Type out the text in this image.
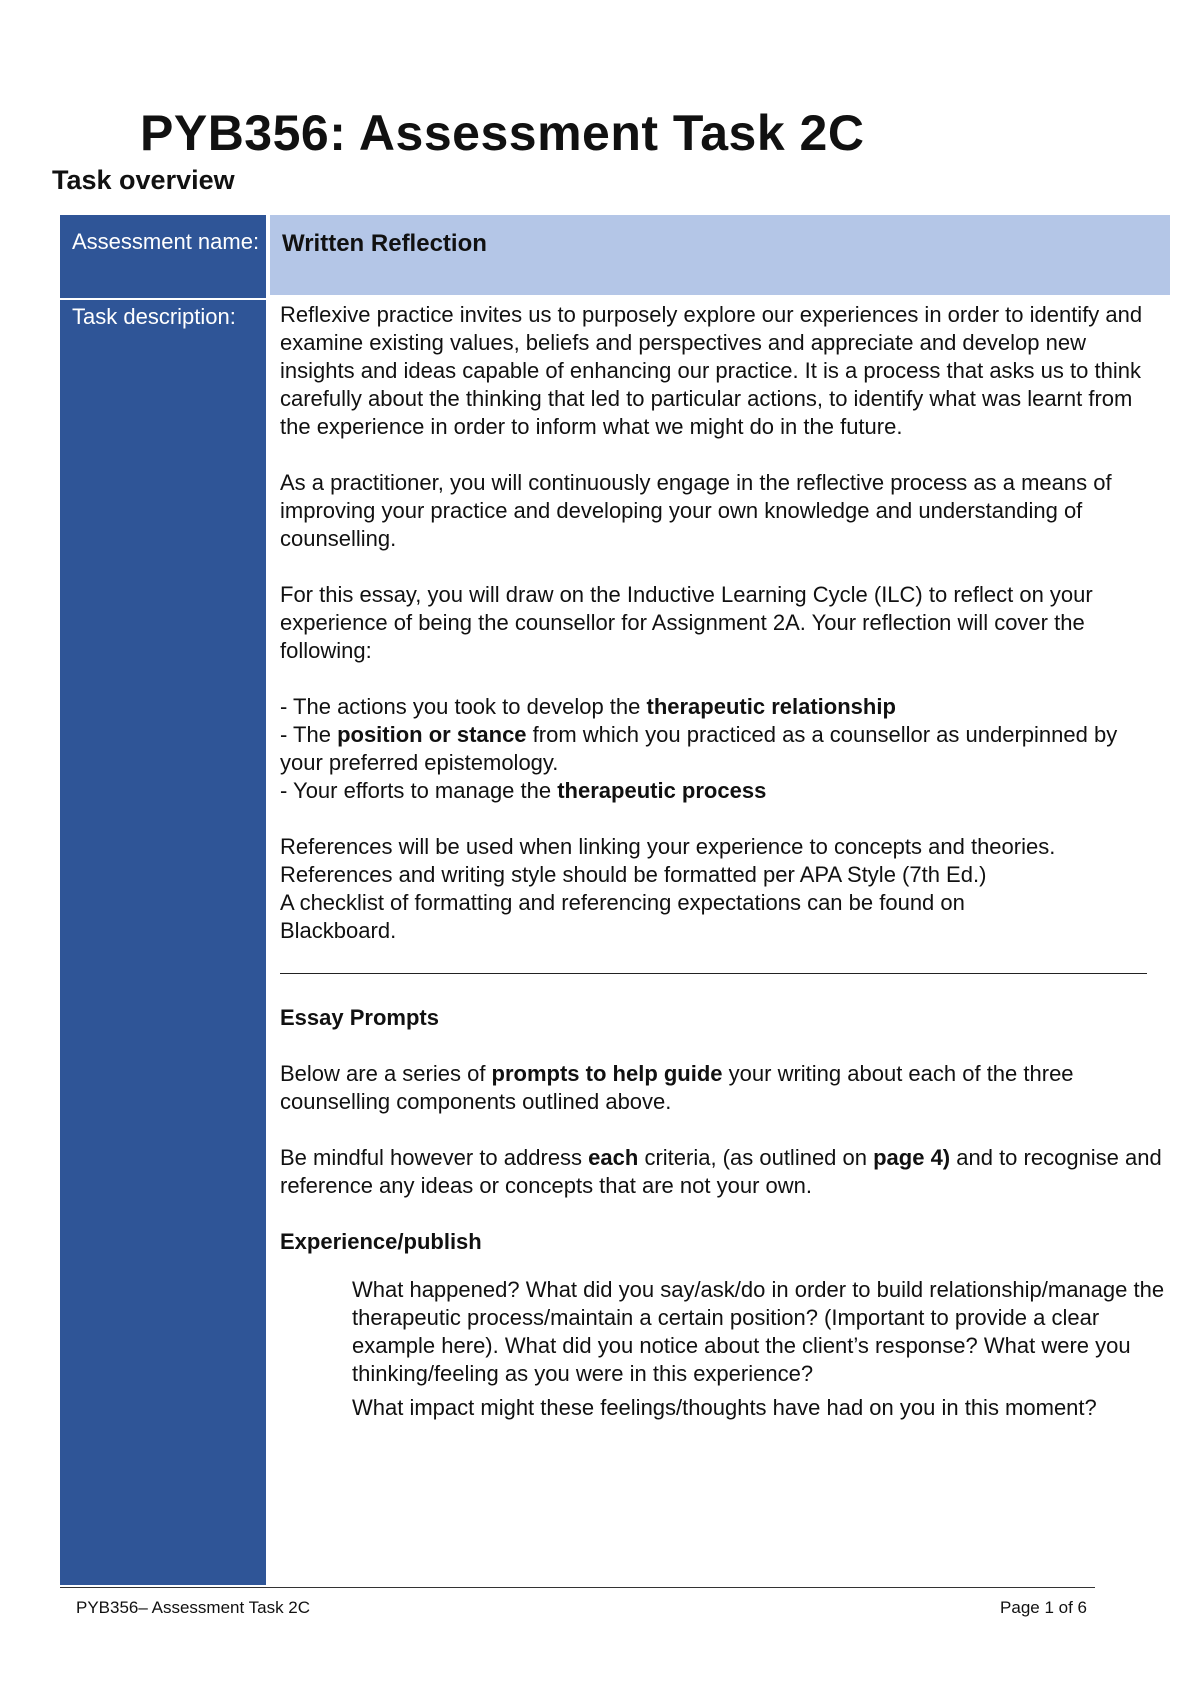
PYB356: Assessment Task 2C
Task overview
Assessment name:
Task description:
Written Reflection

Reflexive practice invites us to purposely explore our experiences in order to identify and examine existing values, beliefs and perspectives and appreciate and develop new insights and ideas capable of enhancing our practice. It is a process that asks us to think carefully about the thinking that led to particular actions, to identify what was learnt from the experience in order to inform what we might do in the future.

As a practitioner, you will continuously engage in the reflective process as a means of improving your practice and developing your own knowledge and understanding of counselling.

For this essay, you will draw on the Inductive Learning Cycle (ILC) to reflect on your experience of being the counsellor for Assignment 2A. Your reflection will cover the following:

- The actions you took to develop the therapeutic relationship

- The position or stance from which you practiced as a counsellor as underpinned by your preferred epistemology.

- Your efforts to manage the therapeutic process

References will be used when linking your experience to concepts and theories.

References and writing style should be formatted per APA Style (7th Ed.)

A checklist of formatting and referencing expectations can be found on Blackboard.

Essay Prompts

Below are a series of prompts to help guide your writing about each of the three counselling components outlined above.

Be mindful however to address each criteria, (as outlined on page 4) and to recognise and reference any ideas or concepts that are not your own.

Experience/publish

What happened? What did you say/ask/do in order to build relationship/manage the therapeutic process/maintain a certain position? (Important to provide a clear example here). What did you notice about the client’s response? What were you thinking/feeling as you were in this experience?

What impact might these feelings/thoughts have had on you in this moment?

PYB356– Assessment Task 2C	Page 1 of 6
